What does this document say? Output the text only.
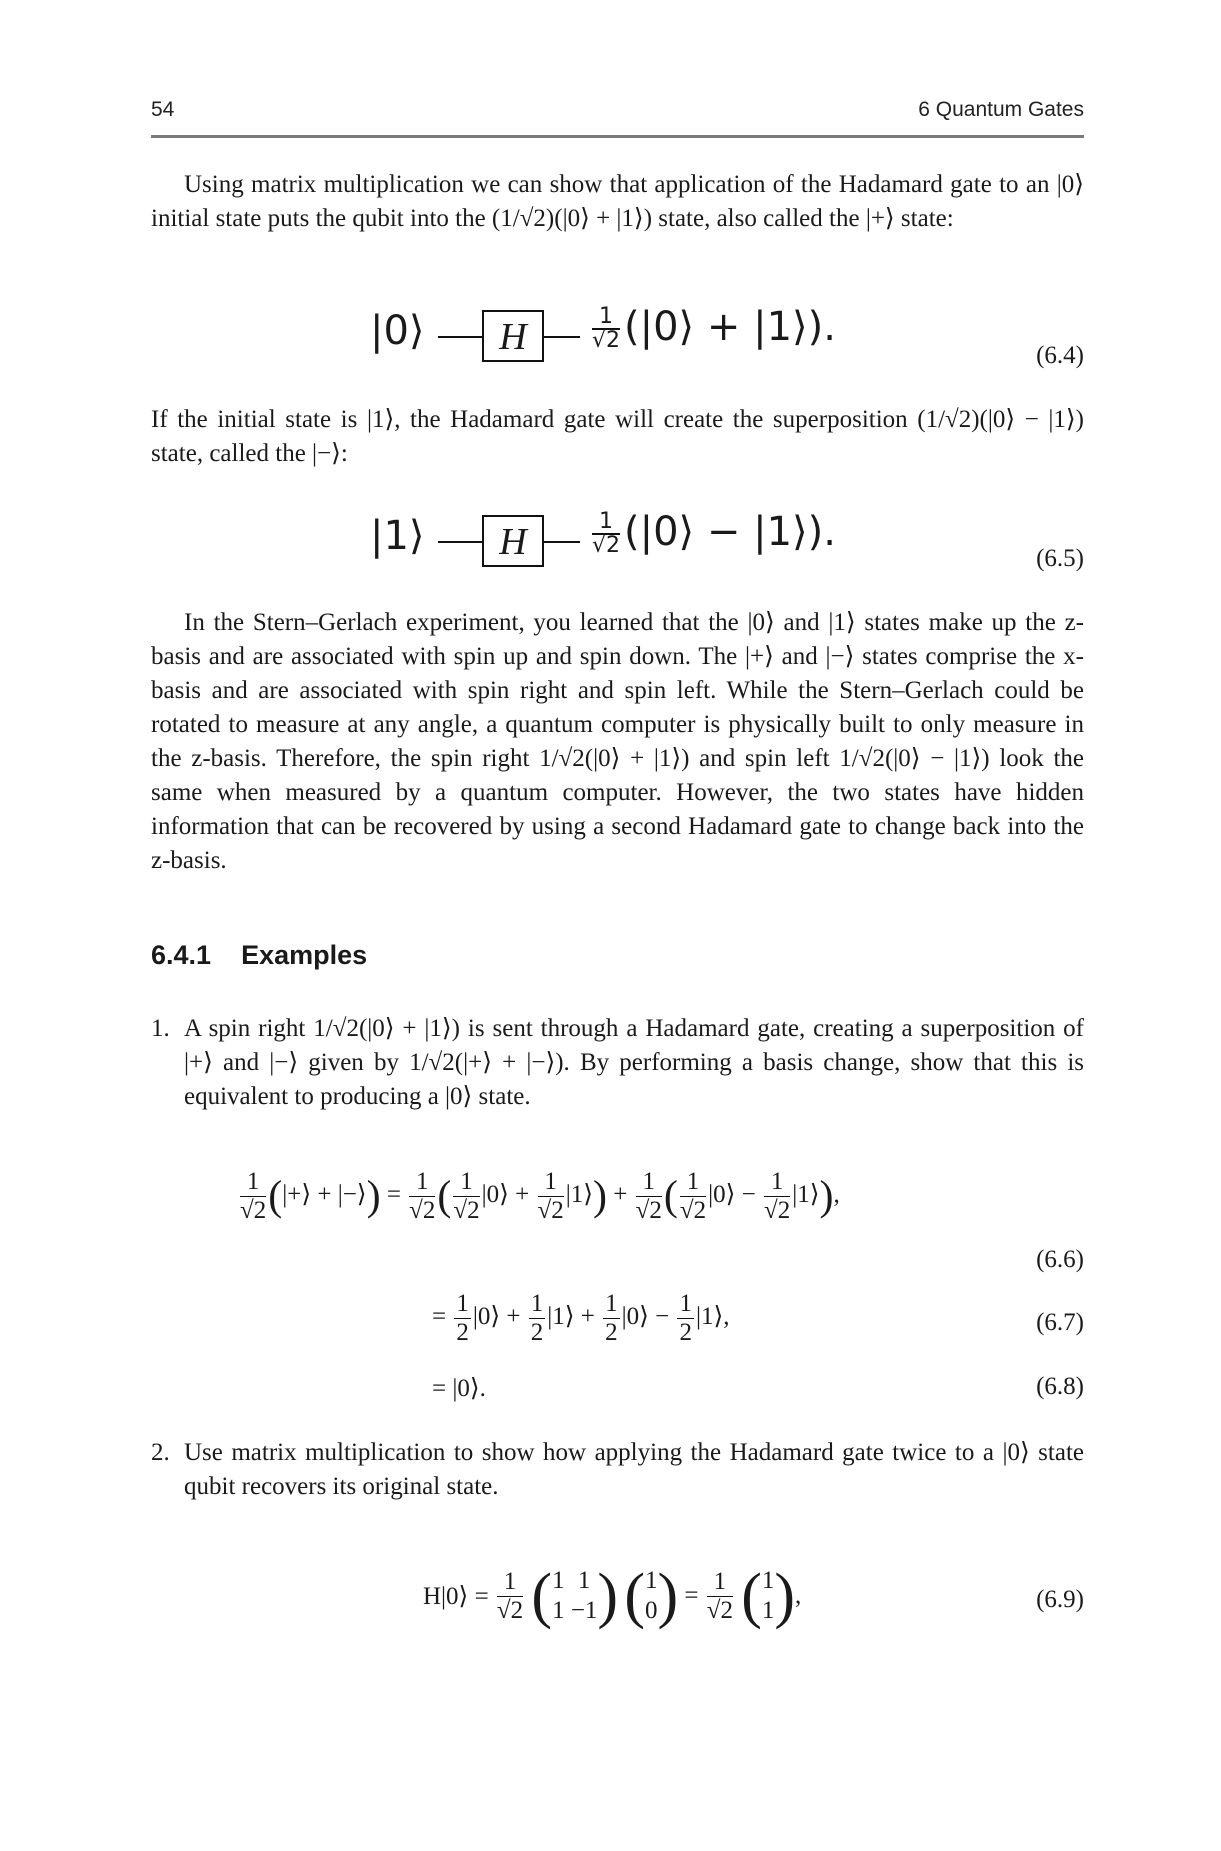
54	6 Quantum Gates

Using matrix multiplication we can show that application of the Hadamard gate to an |0⟩ initial state puts the qubit into the (1/√2)(|0⟩ + |1⟩) state, also called the |+⟩ state:

|0⟩	H	$\frac{1}{√2}$ (|0⟩ + |1⟩).
(6.4)

If the initial state is |1⟩, the Hadamard gate will create the superposition (1/√2)(|0⟩ − |1⟩) state, called the |−⟩:

|1⟩	H	$\frac{1}{√2}$ (|0⟩ − |1⟩).
(6.5)

In the Stern–Gerlach experiment, you learned that the |0⟩ and |1⟩ states make up the z-basis and are associated with spin up and spin down. The |+⟩ and |−⟩ states comprise the x-basis and are associated with spin right and spin left. While the Stern–Gerlach could be rotated to measure at any angle, a quantum computer is physically built to only measure in the z-basis. Therefore, the spin right 1/√2(|0⟩ + |1⟩) and spin left 1/√2(|0⟩ − |1⟩) look the same when measured by a quantum computer. However, the two states have hidden information that can be recovered by using a second Hadamard gate to change back into the z-basis.

6.4.1 Examples
1. A spin right 1/√2(|0⟩ + |1⟩) is sent through a Hadamard gate, creating a superposition of |+⟩ and |−⟩ given by 1/√2(|+⟩ + |−⟩). By performing a basis change, show that this is equivalent to producing a |0⟩ state.
$\frac{1}{√2}$ (|+⟩ + |−⟩) = $\frac{1}{√2}$ ( $\frac{1}{√2}$ |0⟩ + $\frac{1}{√2}$ |1⟩) + $\frac{1}{√2}$ ( $\frac{1}{√2}$ |0⟩ − $\frac{1}{√2}$ |1⟩),
(6.6)
= $\frac{1}{2}$ |0⟩ + $\frac{1}{2}$ |1⟩ + $\frac{1}{2}$ |0⟩ − $\frac{1}{2}$ |1⟩,	(6.7)
= |0⟩.	(6.8)
2. Use matrix multiplication to show how applying the Hadamard gate twice to a |0⟩ state qubit recovers its original state.
H|0⟩ = $\frac{1}{√2}$ ( 1
1

1
−1 ) ( 1
0 ) = $\frac{1}{√2}$ ( 1
1 ),	(6.9)
